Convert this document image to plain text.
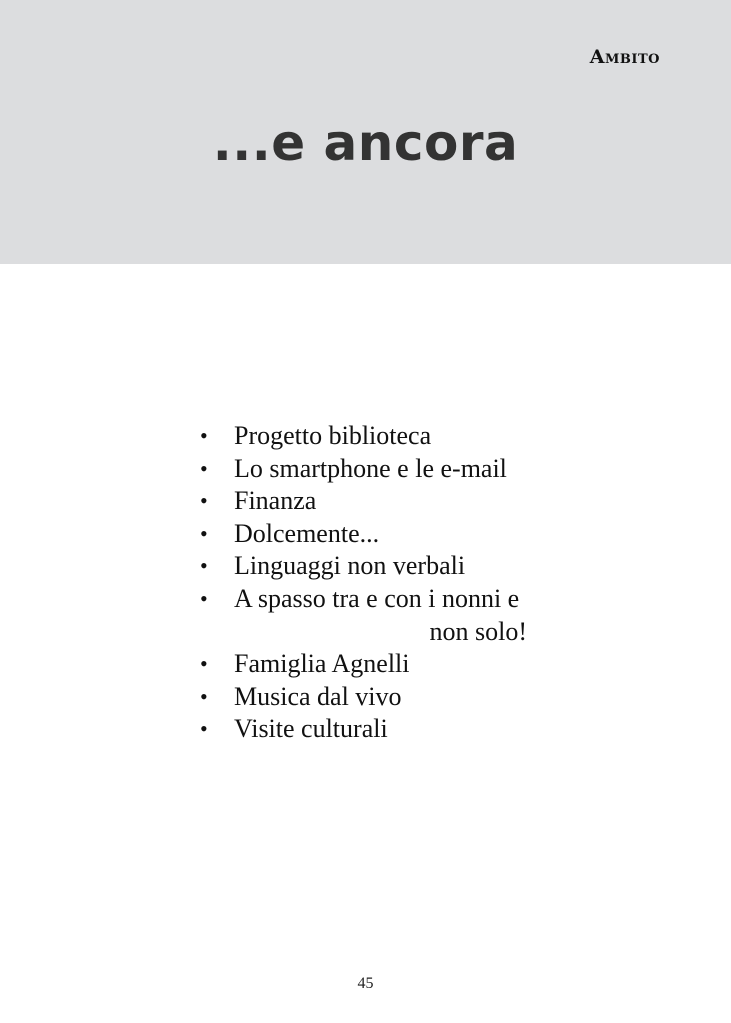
Ambito
...e ancora
• Progetto biblioteca
• Lo smartphone e le e-mail
• Finanza
• Dolcemente...
• Linguaggi non verbali
• A spasso tra e con i nonni e
non solo!
• Famiglia Agnelli
• Musica dal vivo
• Visite culturali
45
